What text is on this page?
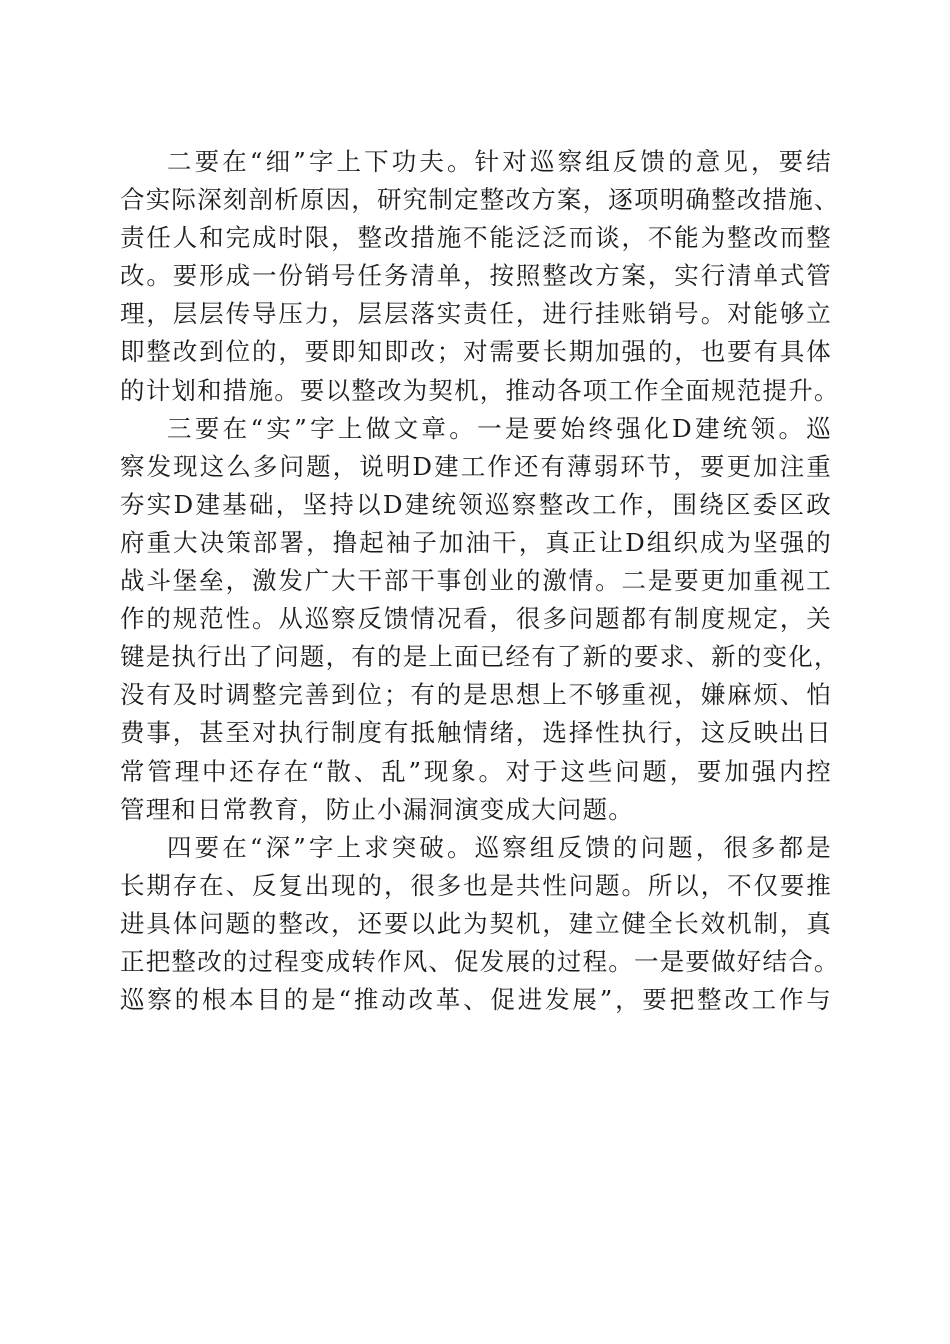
二要在“细”字上下功夫。针对巡察组反馈的意见，要结
合实际深刻剖析原因，研究制定整改方案，逐项明确整改措施、
责任人和完成时限，整改措施不能泛泛而谈，不能为整改而整
改。要形成一份销号任务清单，按照整改方案，实行清单式管
理，层层传导压力，层层落实责任，进行挂账销号。对能够立
即整改到位的，要即知即改；对需要长期加强的，也要有具体
的计划和措施。要以整改为契机，推动各项工作全面规范提升。
三要在“实”字上做文章。一是要始终强化D建统领。巡
察发现这么多问题，说明D建工作还有薄弱环节，要更加注重
夯实D建基础，坚持以D建统领巡察整改工作，围绕区委区政
府重大决策部署，撸起袖子加油干，真正让D组织成为坚强的
战斗堡垒，激发广大干部干事创业的激情。二是要更加重视工
作的规范性。从巡察反馈情况看，很多问题都有制度规定，关
键是执行出了问题，有的是上面已经有了新的要求、新的变化，
没有及时调整完善到位；有的是思想上不够重视，嫌麻烦、怕
费事，甚至对执行制度有抵触情绪，选择性执行，这反映出日
常管理中还存在“散、乱”现象。对于这些问题，要加强内控
管理和日常教育，防止小漏洞演变成大问题。
四要在“深”字上求突破。巡察组反馈的问题，很多都是
长期存在、反复出现的，很多也是共性问题。所以，不仅要推
进具体问题的整改，还要以此为契机，建立健全长效机制，真
正把整改的过程变成转作风、促发展的过程。一是要做好结合。
巡察的根本目的是“推动改革、促进发展”，要把整改工作与
